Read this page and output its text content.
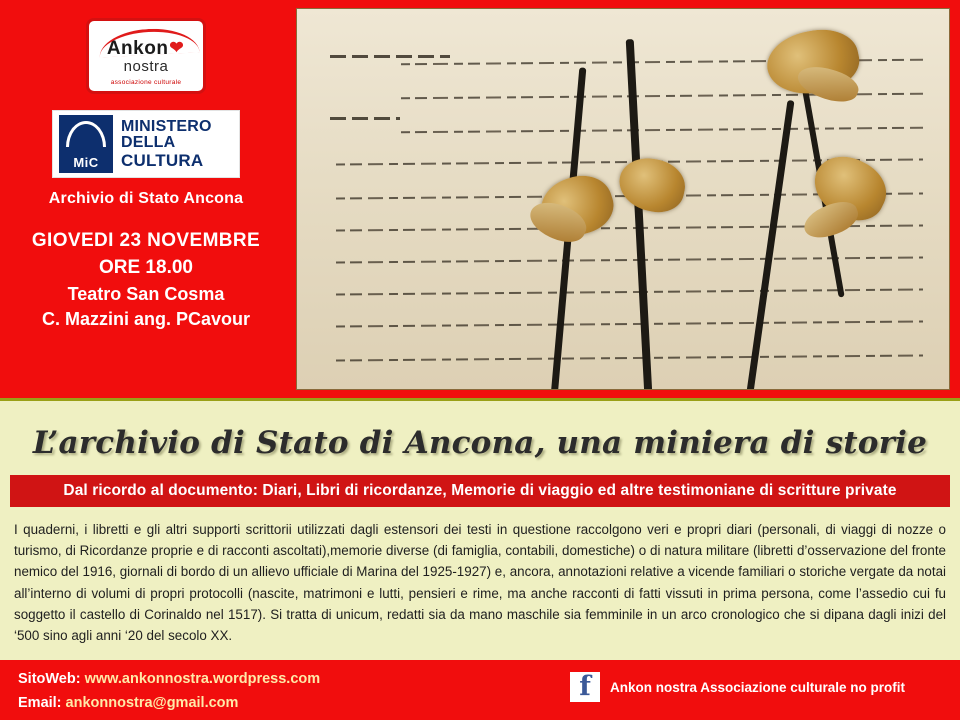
Ankon ❤
nostra
associazione culturale
MiC
MINISTERO
DELLA
CULTURA
Archivio di Stato Ancona
GIOVEDI 23 NOVEMBRE
ORE 18.00
Teatro San Cosma
C. Mazzini ang. PCavour
L’archivio di Stato di Ancona, una miniera di storie
Dal ricordo al documento: Diari, Libri di ricordanze, Memorie di viaggio ed altre testimoniane di scritture private
I quaderni, i libretti e gli altri supporti scrittorii utilizzati dagli estensori dei testi in questione raccolgono veri e propri diari (personali, di viaggi di nozze o turismo, di Ricordanze proprie e di racconti ascoltati),memorie diverse (di famiglia, contabili, domestiche) o di natura militare (libretti d’osservazione del fronte nemico del 1916, giornali di bordo di un allievo ufficiale di Marina del 1925-1927) e, ancora, annotazioni relative a vicende familiari o storiche vergate da notai all’interno di volumi di propri protocolli (nascite, matrimoni e lutti, pensieri e rime, ma anche racconti di fatti vissuti in prima persona, come l’assedio cui fu soggetto il castello di Corinaldo nel 1517). Si tratta di unicum, redatti sia da mano maschile sia femminile in un arco cronologico che si dipana dagli inizi del ‘500 sino agli anni ‘20 del secolo XX.
SitoWeb: www.ankonnostra.wordpress.com
Email: ankonnostra@gmail.com
f Ankon nostra Associazione culturale no profit
